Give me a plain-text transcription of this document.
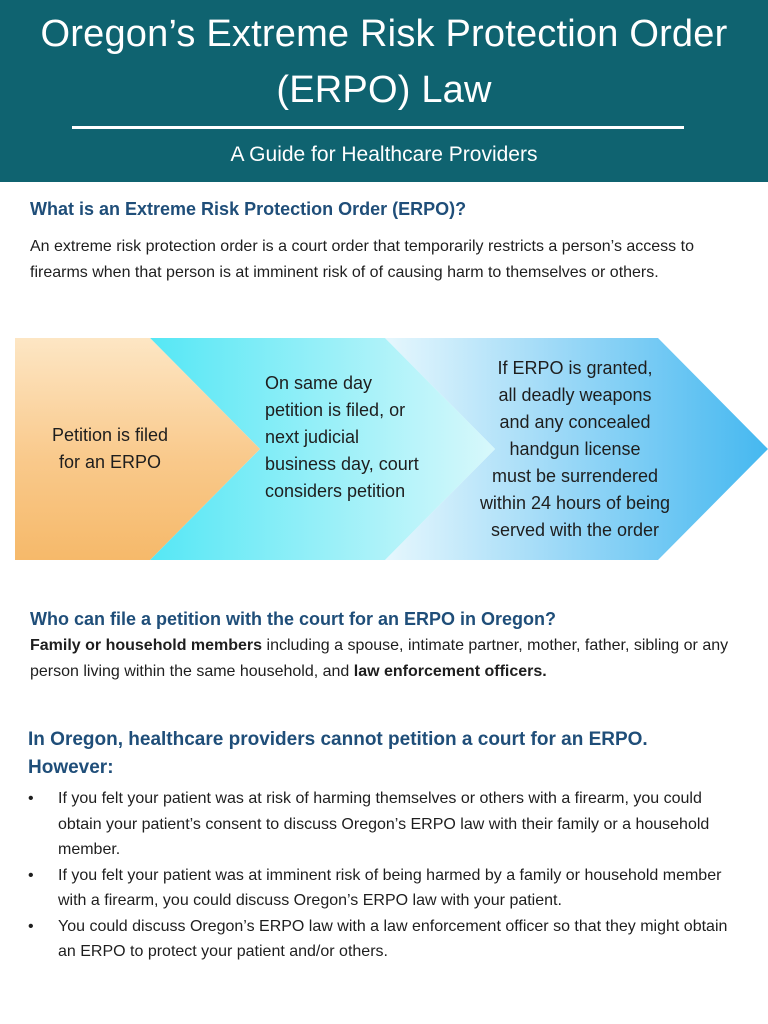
Oregon’s Extreme Risk Protection Order
(ERPO) Law
A Guide for Healthcare Providers
What is an Extreme Risk Protection Order (ERPO)?
An extreme risk protection order is a court order that temporarily restricts a person’s access to firearms when that person is at imminent risk of of causing harm to themselves or others.
Petition is filed
for an ERPO
On same day
petition is filed, or
next judicial
business day, court
considers petition
If ERPO is granted,
all deadly weapons
and any concealed
handgun license
must be surrendered
within 24 hours of being
served with the order
Who can file a petition with the court for an ERPO in Oregon?
Family or household members including a spouse, intimate partner, mother, father, sibling or any person living within the same household, and law enforcement officers.
In Oregon, healthcare providers cannot petition a court for an ERPO.
However:
• If you felt your patient was at risk of harming themselves or others with a firearm, you could obtain your patient’s consent to discuss Oregon’s ERPO law with their family or a household member.
• If you felt your patient was at imminent risk of being harmed by a family or household member with a firearm, you could discuss Oregon’s ERPO law with your patient.
• You could discuss Oregon’s ERPO law with a law enforcement officer so that they might obtain an ERPO to protect your patient and/or others.
